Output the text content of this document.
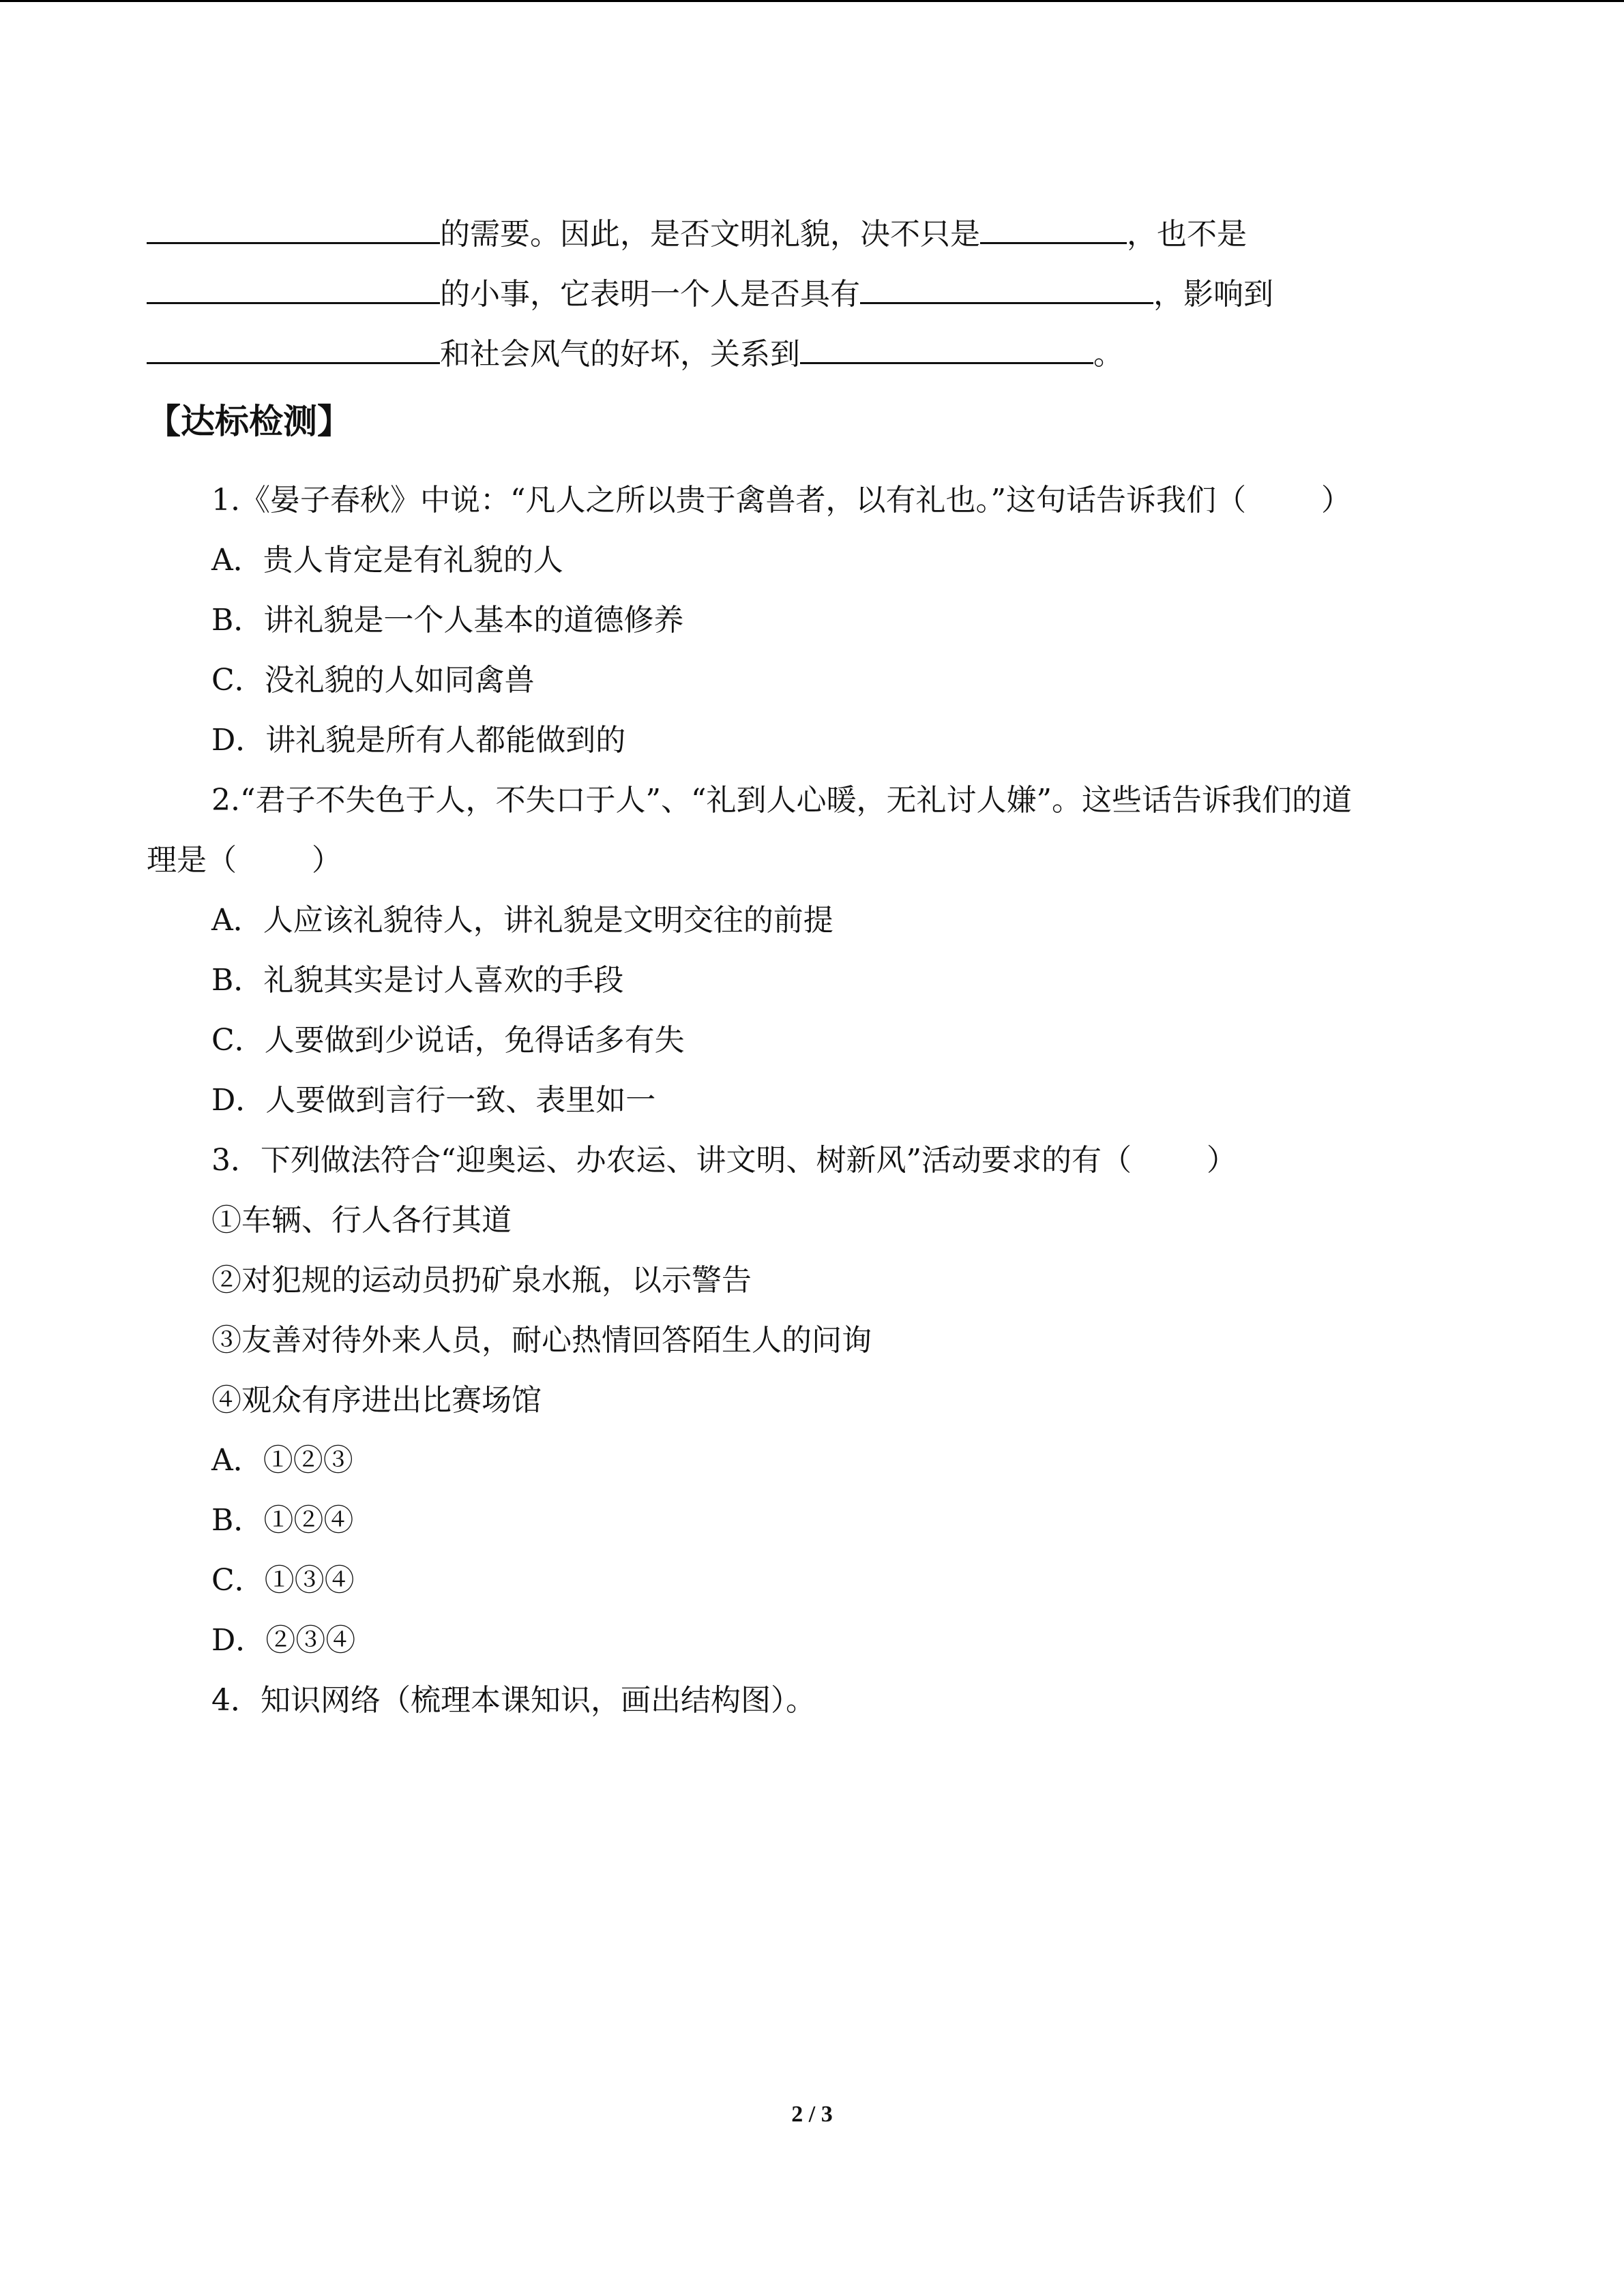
的需要。因此，是否文明礼貌，决不只是	，也不是
的小事，它表明一个人是否具有	，影响到
和社会风气的好坏，关系到	。
【达标检测】
1.《晏子春秋》中说：“凡人之所以贵于禽兽者，以有礼也。”这句话告诉我们（	）
A．贵人肯定是有礼貌的人
B．讲礼貌是一个人基本的道德修养
C．没礼貌的人如同禽兽
D．讲礼貌是所有人都能做到的
2.“君子不失色于人，不失口于人”、“礼到人心暖，无礼讨人嫌”。这些话告诉我们的道
理是（	）
A．人应该礼貌待人，讲礼貌是文明交往的前提
B．礼貌其实是讨人喜欢的手段
C．人要做到少说话，免得话多有失
D．人要做到言行一致、表里如一
3．下列做法符合“迎奥运、办农运、讲文明、树新风”活动要求的有（	）
①车辆、行人各行其道
②对犯规的运动员扔矿泉水瓶，以示警告
③友善对待外来人员，耐心热情回答陌生人的问询
④观众有序进出比赛场馆
A．①②③
B．①②④
C．①③④
D．②③④
4．知识网络（梳理本课知识，画出结构图）。
2 / 3
